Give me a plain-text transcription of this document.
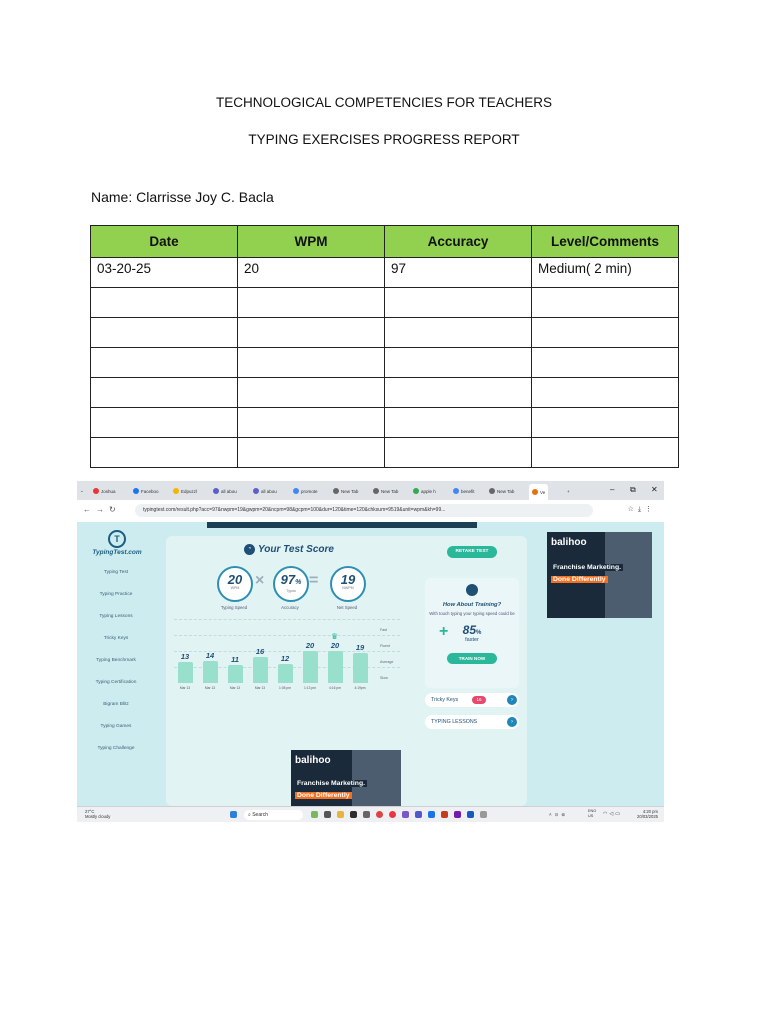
TECHNOLOGICAL COMPETENCIES FOR TEACHERS
TYPING EXERCISES PROGRESS REPORT
Name: Clarrisse Joy C. Bacla
Date	WPM	Accuracy	Level/Comments

03-20-25	20	97	Medium( 2 min)

⌄	Joshua	Faceboo	Edpuzzl	all abou	all abou	promote	New Tab	New Tab	apple h	benefit	New Tab	Ve	+	– ⧉ ✕
←→↻	typingtest.com/result.php?acc=97&nwpm=19&gwpm=20&ncpm=98&gcpm=100&dur=120&time=120&chksum=9519&unit=wpm&kh=99...	☆⤓⋮
T
TypingTest.com
Typing Test
Typing Practice
Typing Lessons
Tricky Keys
Typing Benchmark
Typing Certification
Bigram Blitz
Typing Games
Typing Challenge
◔ Your Test Score	RETAKE TEST
20
WPM ×	97%
Typos
=	19
NWPM
Typing Speed	Accuracy	Net Speed
Fast
Fluent
Average
Slow
13
Mar 13
14
Mar 13
11
Mar 13
16
Mar 13
12
1:08 pm
20
1:13 pm
20
4:16 pm
19
4:19pm
♛
How About Training?
With touch typing your typing speed could be
+ 85%
faster
TRAIN NOW
Tricky Keys	16	›
TYPING LESSONS	›
balihoo
Franchise Marketing.
Done Differently
balihoo
Franchise Marketing.
Done Differently
27°C
Mostly cloudy	⌕ Search	˄⊙⊚
ENG
US	◠◁▭	4:20 pm
20/03/2025
